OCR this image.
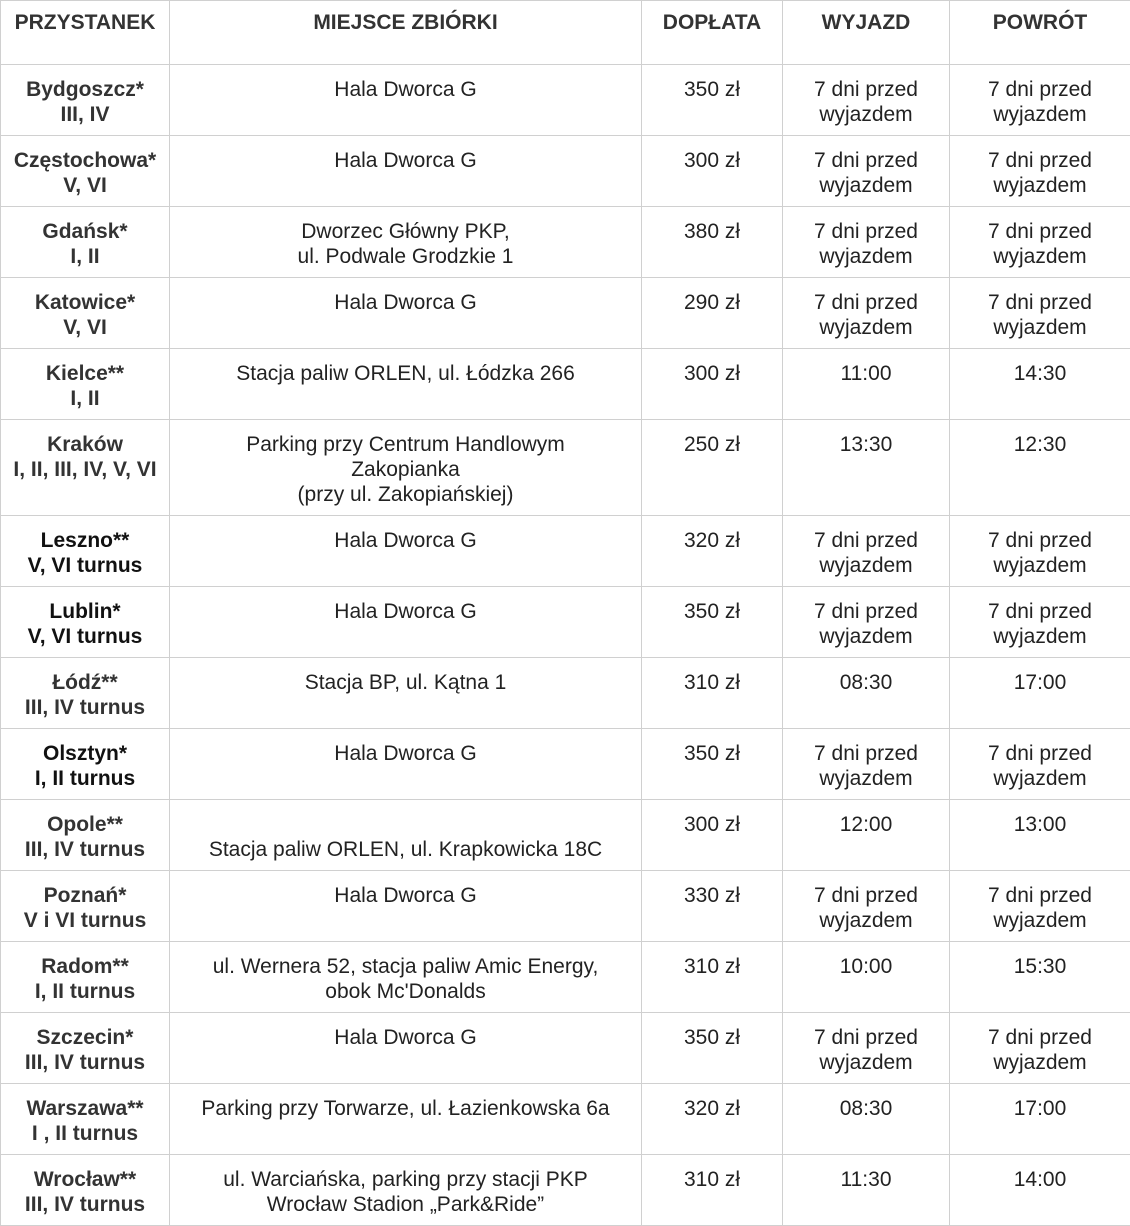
PRZYSTANEK	MIEJSCE ZBIÓRKI	DOPŁATA	WYJAZD	POWRÓT

Bydgoszcz*
III, IV	Hala Dworca G	350 zł	7 dni przed
wyjazdem	7 dni przed
wyjazdem

Częstochowa*
V, VI	Hala Dworca G	300 zł	7 dni przed
wyjazdem	7 dni przed
wyjazdem

Gdańsk*
I, II	Dworzec Główny PKP,
ul. Podwale Grodzkie 1	380 zł	7 dni przed
wyjazdem	7 dni przed
wyjazdem

Katowice*
V, VI	Hala Dworca G	290 zł	7 dni przed
wyjazdem	7 dni przed
wyjazdem

Kielce**
I, II	Stacja paliw ORLEN, ul. Łódzka 266	300 zł	11:00	14:30

Kraków
I, II, III, IV, V, VI	Parking przy Centrum Handlowym
Zakopianka
(przy ul. Zakopiańskiej)	250 zł	13:30	12:30

Leszno**
V, VI turnus	Hala Dworca G	320 zł	7 dni przed
wyjazdem	7 dni przed
wyjazdem

Lublin*
V, VI turnus	Hala Dworca G	350 zł	7 dni przed
wyjazdem	7 dni przed
wyjazdem

Łódź**
III, IV turnus	Stacja BP, ul. Kątna 1	310 zł	08:30	17:00

Olsztyn*
I, II turnus	Hala Dworca G	350 zł	7 dni przed
wyjazdem	7 dni przed
wyjazdem

Opole**
III, IV turnus	Stacja paliw ORLEN, ul. Krapkowicka 18C	300 zł	12:00	13:00

Poznań*
V i VI turnus	Hala Dworca G	330 zł	7 dni przed
wyjazdem	7 dni przed
wyjazdem

Radom**
I, II turnus	ul. Wernera 52, stacja paliw Amic Energy,
obok Mc'Donalds	310 zł	10:00	15:30

Szczecin*
III, IV turnus	Hala Dworca G	350 zł	7 dni przed
wyjazdem	7 dni przed
wyjazdem

Warszawa**
I , II turnus	Parking przy Torwarze, ul. Łazienkowska 6a	320 zł	08:30	17:00

Wrocław**
III, IV turnus	ul. Warciańska, parking przy stacji PKP
Wrocław Stadion „Park&Ride”	310 zł	11:30	14:00
